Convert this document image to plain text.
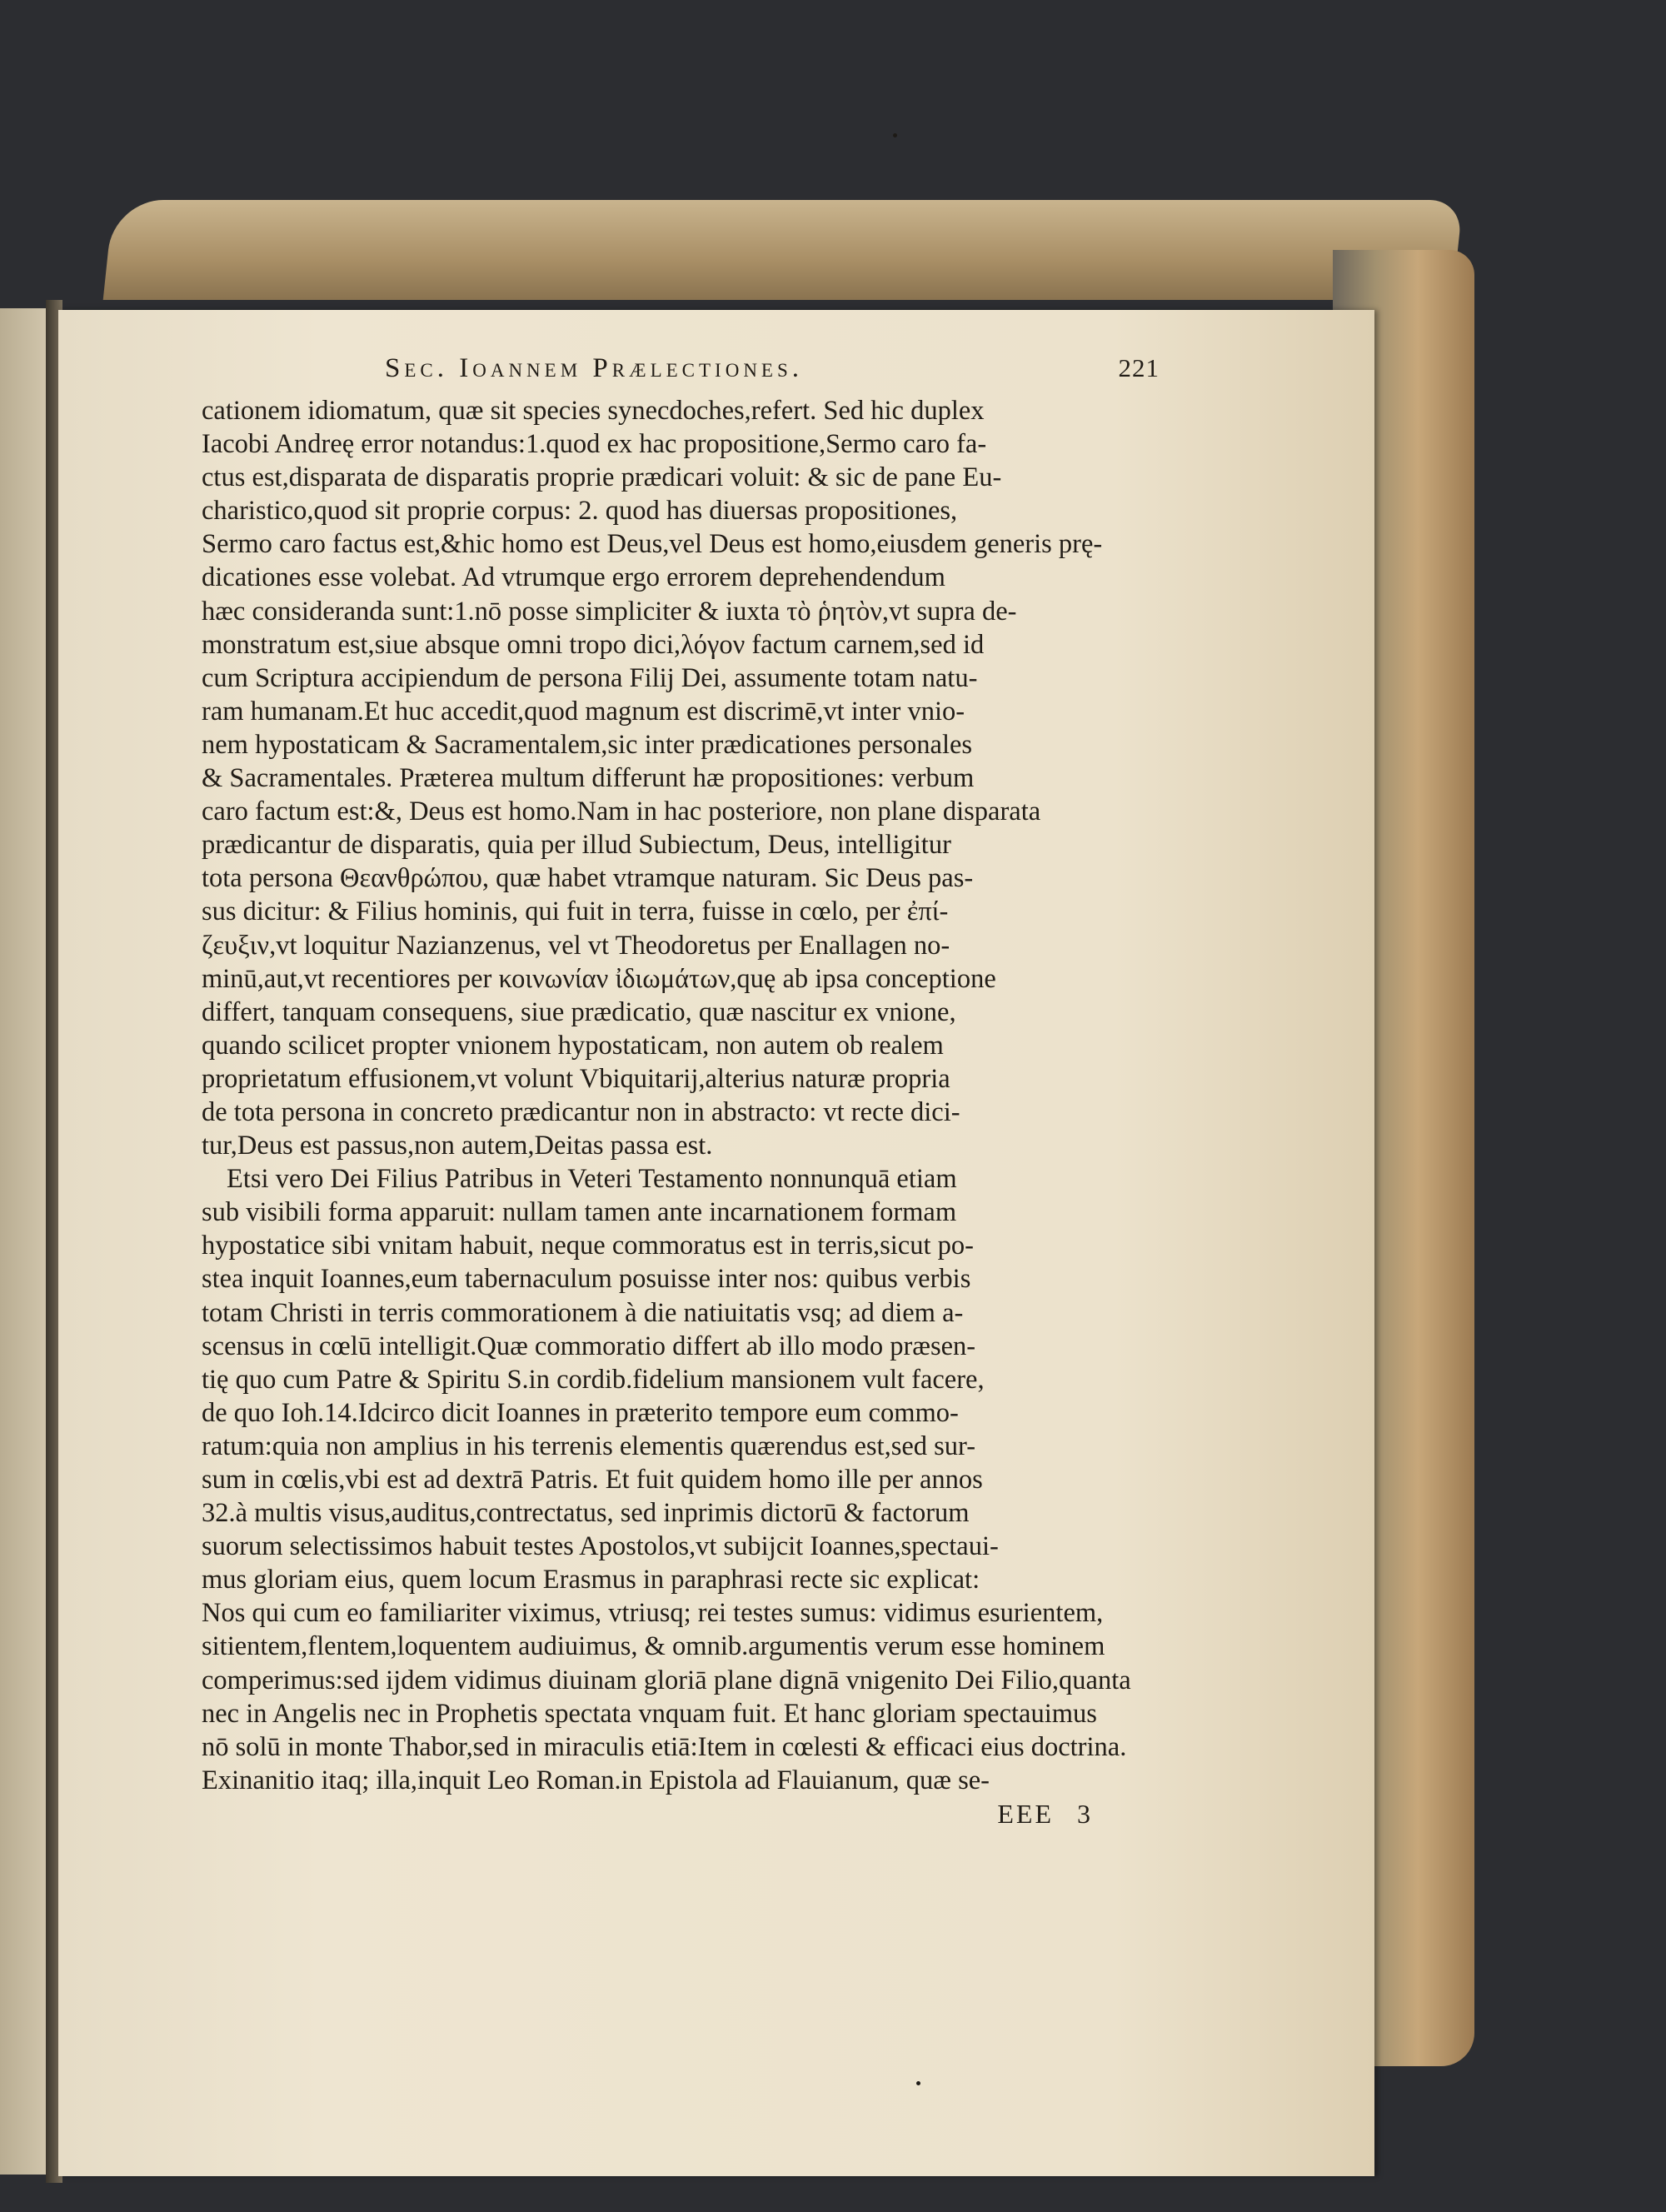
Sec. Ioannem Prælectiones.	221
cationem idiomatum, quæ sit species synecdoches,refert. Sed hic duplex
Iacobi Andreę error notandus:1.quod ex hac propositione,Sermo caro fa-
ctus est,disparata de disparatis proprie prædicari voluit: & sic de pane Eu-
charistico,quod sit proprie corpus: 2. quod has diuersas propositiones,
Sermo caro factus est,&hic homo est Deus,vel Deus est homo,eiusdem generis prę-
dicationes esse volebat. Ad vtrumque ergo errorem deprehendendum
hæc consideranda sunt:1.nō posse simpliciter & iuxta τὸ ῥητὸν,vt supra de-
monstratum est,siue absque omni tropo dici,λόγον factum carnem,sed id
cum Scriptura accipiendum de persona Filij Dei, assumente totam natu-
ram humanam.Et huc accedit,quod magnum est discrimē,vt inter vnio-
nem hypostaticam & Sacramentalem,sic inter prædicationes personales
& Sacramentales. Præterea multum differunt hæ propositiones: verbum
caro factum est:&, Deus est homo.Nam in hac posteriore, non plane disparata
prædicantur de disparatis, quia per illud Subiectum, Deus, intelligitur
tota persona Θεανθρώπου, quæ habet vtramque naturam. Sic Deus pas-
sus dicitur: & Filius hominis, qui fuit in terra, fuisse in cœlo, per ἐπί-
ζευξιν,vt loquitur Nazianzenus, vel vt Theodoretus per Enallagen no-
minū,aut,vt recentiores per κοινωνίαν ἰδιωμάτων,quę ab ipsa conceptione
differt, tanquam consequens, siue prædicatio, quæ nascitur ex vnione,
quando scilicet propter vnionem hypostaticam, non autem ob realem
proprietatum effusionem,vt volunt Vbiquitarij,alterius naturæ propria
de tota persona in concreto prædicantur non in abstracto: vt recte dici-
tur,Deus est passus,non autem,Deitas passa est.
Etsi vero Dei Filius Patribus in Veteri Testamento nonnunquā etiam
sub visibili forma apparuit: nullam tamen ante incarnationem formam
hypostatice sibi vnitam habuit, neque commoratus est in terris,sicut po-
stea inquit Ioannes,eum tabernaculum posuisse inter nos: quibus verbis
totam Christi in terris commorationem à die natiuitatis vsq; ad diem a-
scensus in cœlū intelligit.Quæ commoratio differt ab illo modo præsen-
tię quo cum Patre & Spiritu S.in cordib.fidelium mansionem vult facere,
de quo Ioh.14.Idcirco dicit Ioannes in præterito tempore eum commo-
ratum:quia non amplius in his terrenis elementis quærendus est,sed sur-
sum in cœlis,vbi est ad dextrā Patris. Et fuit quidem homo ille per annos
32.à multis visus,auditus,contrectatus, sed inprimis dictorū & factorum
suorum selectissimos habuit testes Apostolos,vt subijcit Ioannes,spectaui-
mus gloriam eius, quem locum Erasmus in paraphrasi recte sic explicat:
Nos qui cum eo familiariter viximus, vtriusq; rei testes sumus: vidimus esurientem,
sitientem,flentem,loquentem audiuimus, & omnib.argumentis verum esse hominem
comperimus:sed ijdem vidimus diuinam gloriā plane dignā vnigenito Dei Filio,quanta
nec in Angelis nec in Prophetis spectata vnquam fuit. Et hanc gloriam spectauimus
nō solū in monte Thabor,sed in miraculis etiā:Item in cœlesti & efficaci eius doctrina.
Exinanitio itaq; illa,inquit Leo Roman.in Epistola ad Flauianum, quæ se-
EEE 3
